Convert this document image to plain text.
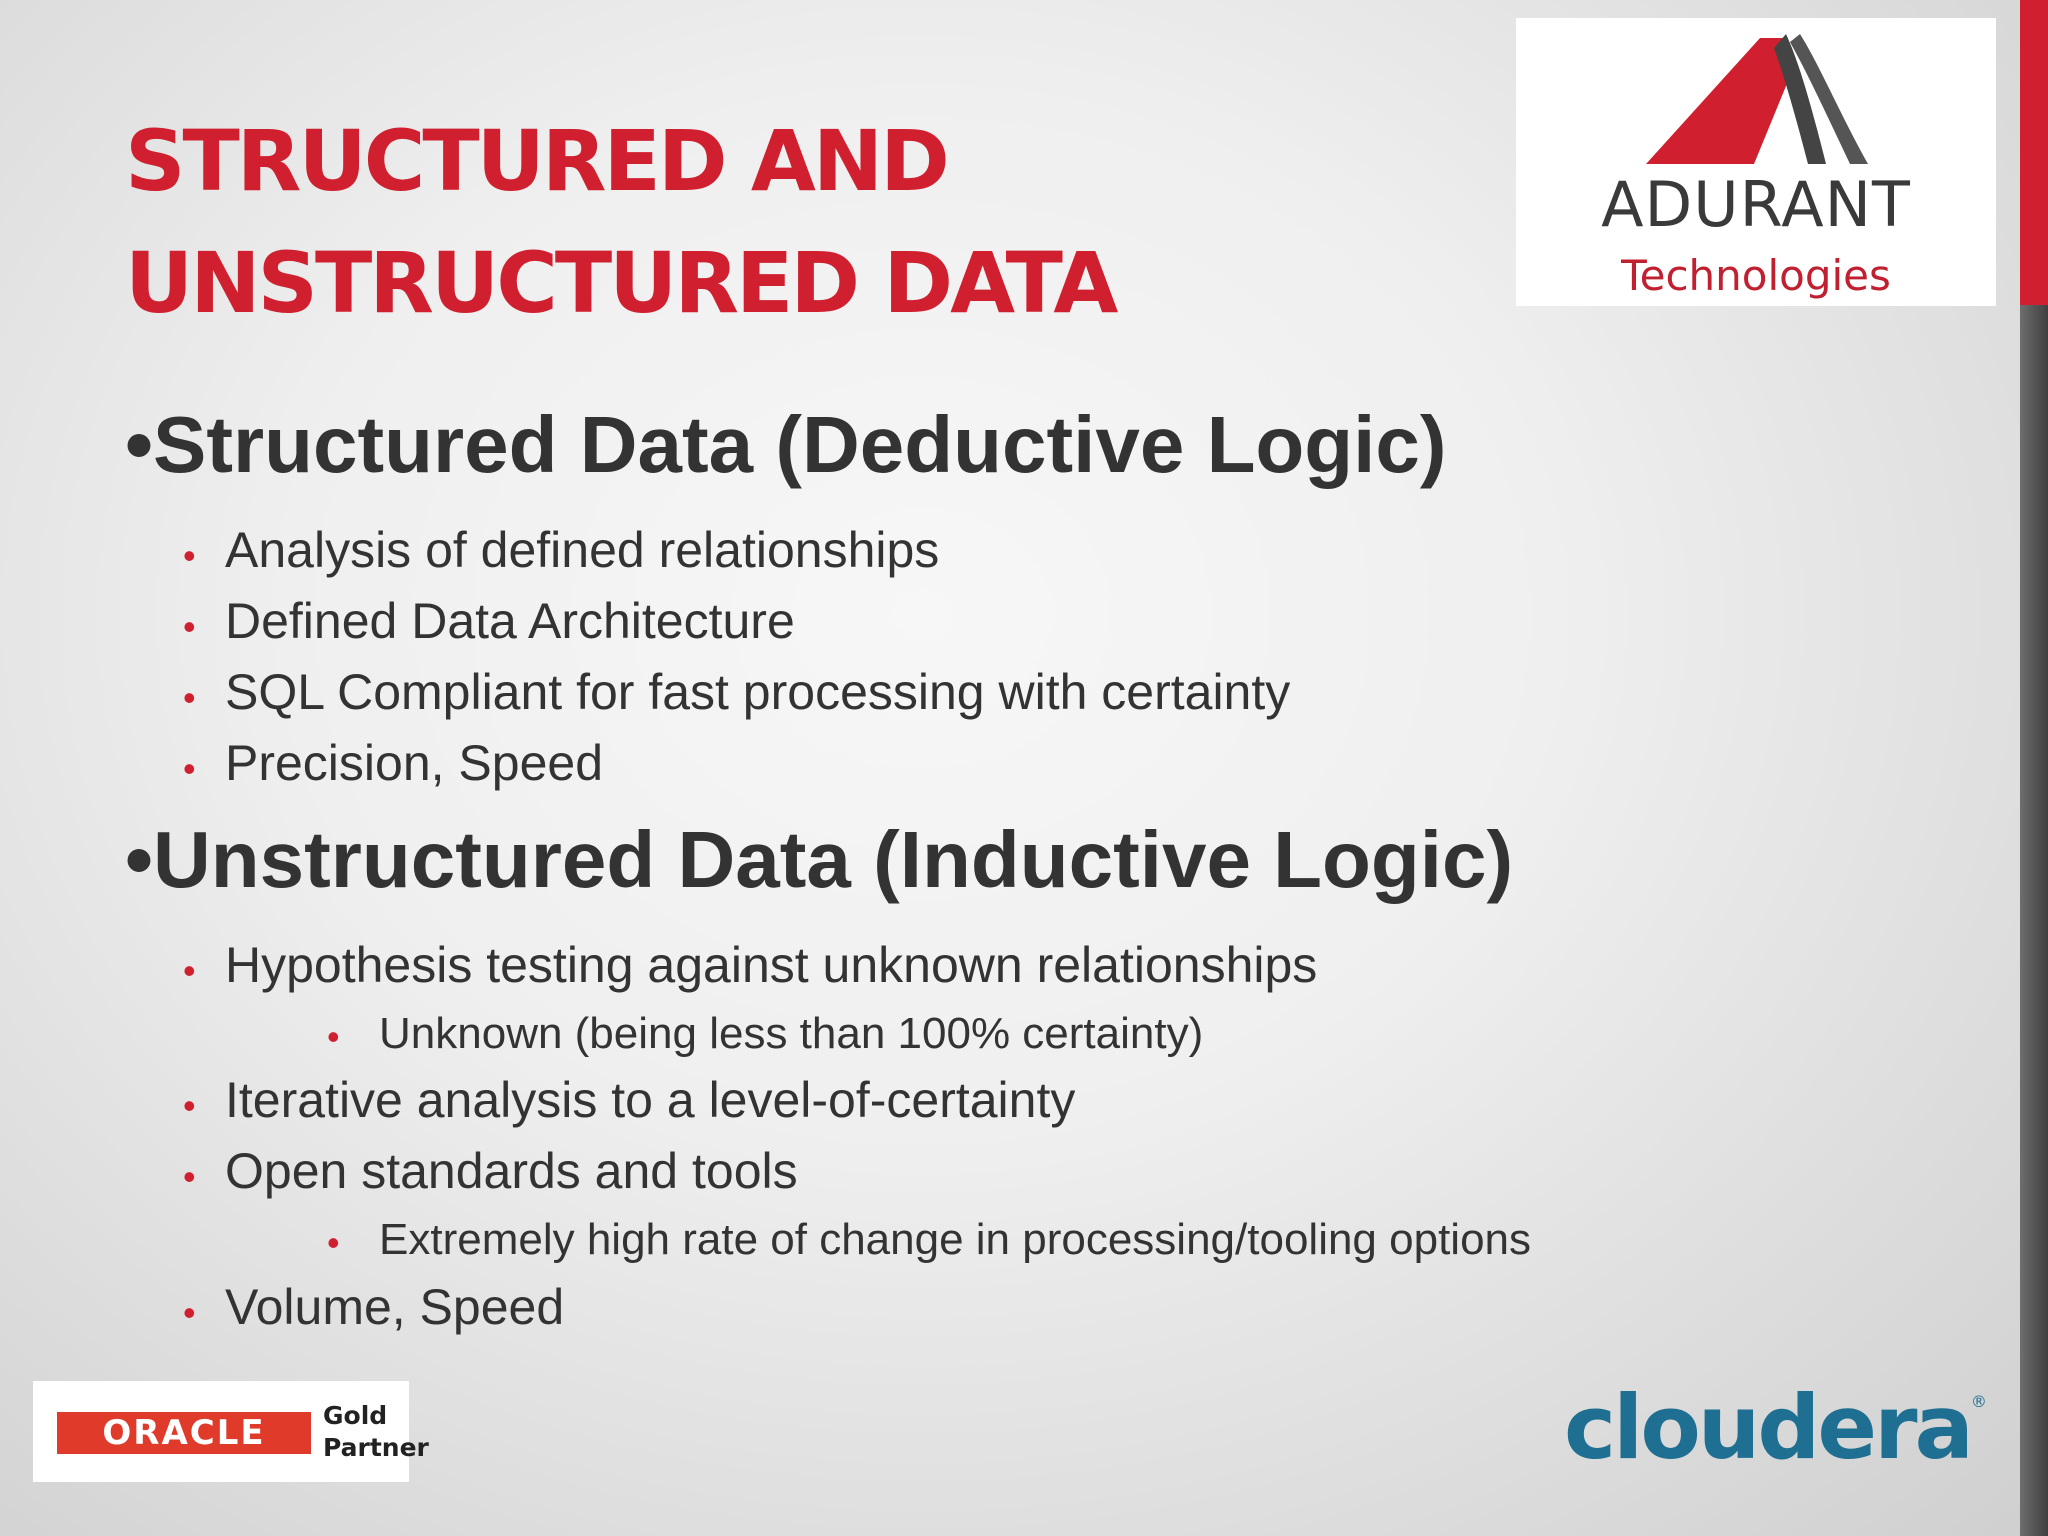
STRUCTURED AND
UNSTRUCTURED DATA
ADURANT
Technologies
•Structured Data (Deductive Logic)
• Analysis of defined relationships
• Defined Data Architecture
• SQL Compliant for fast processing with certainty
• Precision, Speed
•Unstructured Data (Inductive Logic)
• Hypothesis testing against unknown relationships
• Unknown (being less than 100% certainty)
• Iterative analysis to a level-of-certainty
• Open standards and tools
• Extremely high rate of change in processing/tooling options
• Volume, Speed
ORACLE	Gold
Partner	cloudera®
